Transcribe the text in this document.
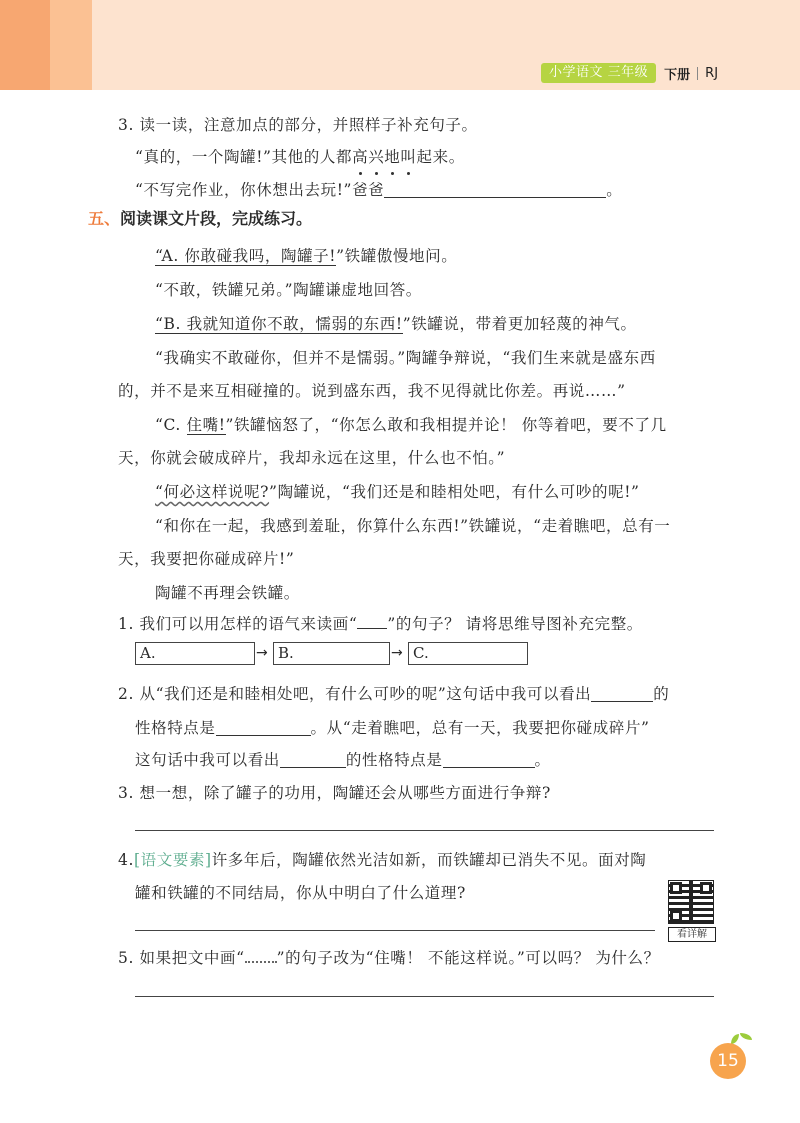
小学语文 三年级	下册 RJ
3. 读一读，注意加点的部分，并照样子补充句子。
“真的，一个陶罐!”其他的人都高
兴
地
叫
起来。
“不写完作业，你休想出去玩!”爸爸	。
五、阅读课文片段，完成练习。
“A. 你敢碰我吗，陶罐子!”铁罐傲慢地问。
“不敢，铁罐兄弟。”陶罐谦虚地回答。
“B. 我就知道你不敢，懦弱的东西!”铁罐说，带着更加轻蔑的神气。
“我确实不敢碰你，但并不是懦弱。”陶罐争辩说，“我们生来就是盛东西
的，并不是来互相碰撞的。说到盛东西，我不见得就比你差。再说……”
“C. 住嘴!”铁罐恼怒了，“你怎么敢和我相提并论！ 你等着吧，要不了几
天，你就会破成碎片，我却永远在这里，什么也不怕。”
“何必这样说呢?”陶罐说，“我们还是和睦相处吧，有什么可吵的呢!”
“和你在一起，我感到羞耻，你算什么东西!”铁罐说，“走着瞧吧，总有一
天，我要把你碰成碎片!”
陶罐不再理会铁罐。
1. 我们可以用怎样的语气来读画“ ”的句子？ 请将思维导图补充完整。
A.	→ B.	→ C.
2. 从“我们还是和睦相处吧，有什么可吵的呢”这句话中我可以看出	的
性格特点是	。从“走着瞧吧，总有一天，我要把你碰成碎片”
这句话中我可以看出	的性格特点是	。
3. 想一想，除了罐子的功用，陶罐还会从哪些方面进行争辩?
4.[语文要素]许多年后，陶罐依然光洁如新，而铁罐却已消失不见。面对陶
罐和铁罐的不同结局，你从中明白了什么道理?
看详解
5. 如果把文中画“ ”的句子改为“住嘴！ 不能这样说。”可以吗？ 为什么？
15
